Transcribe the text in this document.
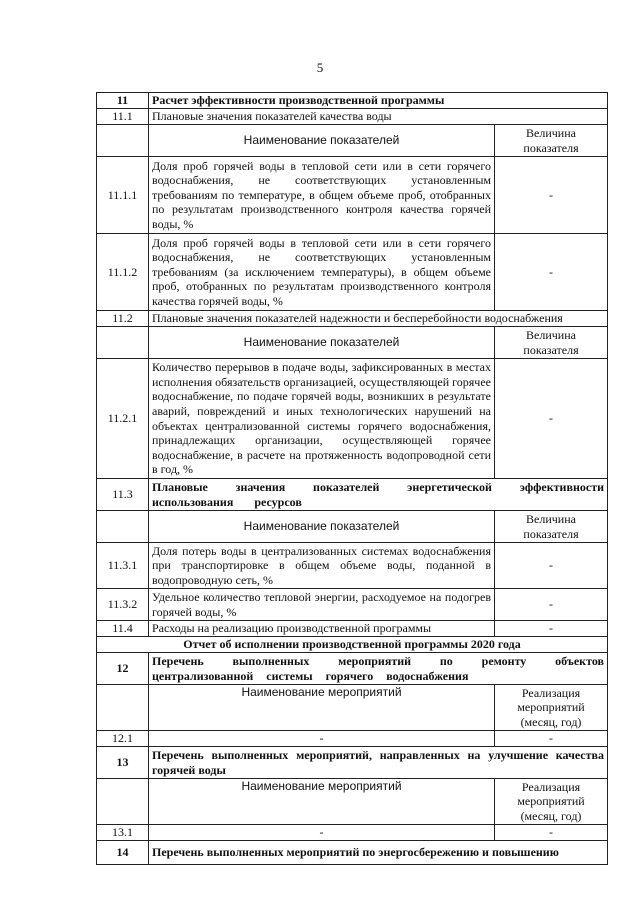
5
11	Расчет эффективности производственной программы	
11.1	Плановые значения показателей качества воды	
	Наименование показателей	Величина показателя
11.1.1	Доля проб горячей воды в тепловой сети или в сети горячего водоснабжения, не соответствующих установленным требованиям по температуре, в общем объеме проб, отобранных по результатам производственного контроля качества горячей воды, %	-
11.1.2	Доля проб горячей воды в тепловой сети или в сети горячего водоснабжения, не соответствующих установленным требованиям (за исключением температуры), в общем объеме проб, отобранных по результатам производственного контроля качества горячей воды, %	-
11.2	Плановые значения показателей надежности и бесперебойности водоснабжения	
	Наименование показателей	Величина показателя
11.2.1	Количество перерывов в подаче воды, зафиксированных в местах исполнения обязательств организацией, осуществляющей горячее водоснабжение, по подаче горячей воды, возникших в результате аварий, повреждений и иных технологических нарушений на объектах централизованной системы горячего водоснабжения, принадлежащих организации, осуществляющей горячее водоснабжение, в расчете на протяженность водопроводной сети в год, %	-
11.3	Плановые значения показателей энергетической эффективности использования ресурсов	
	Наименование показателей	Величина показателя
11.3.1	Доля потерь воды в централизованных системах водоснабжения при транспортировке в общем объеме воды, поданной в водопроводную сеть, %	-
11.3.2	Удельное количество тепловой энергии, расходуемое на подогрев горячей воды, %	-
11.4	Расходы на реализацию производственной программы	-
Отчет об исполнении производственной программы 2020 года		
12	Перечень выполненных мероприятий по ремонту объектов централизованной системы горячего водоснабжения	
	Наименование мероприятий	Реализация мероприятий (месяц, год)
12.1	-	-
13	Перечень выполненных мероприятий, направленных на улучшение качества горячей воды	
	Наименование мероприятий	Реализация мероприятий (месяц, год)
13.1	-	-
14	Перечень выполненных мероприятий по энергосбережению и повышению	
